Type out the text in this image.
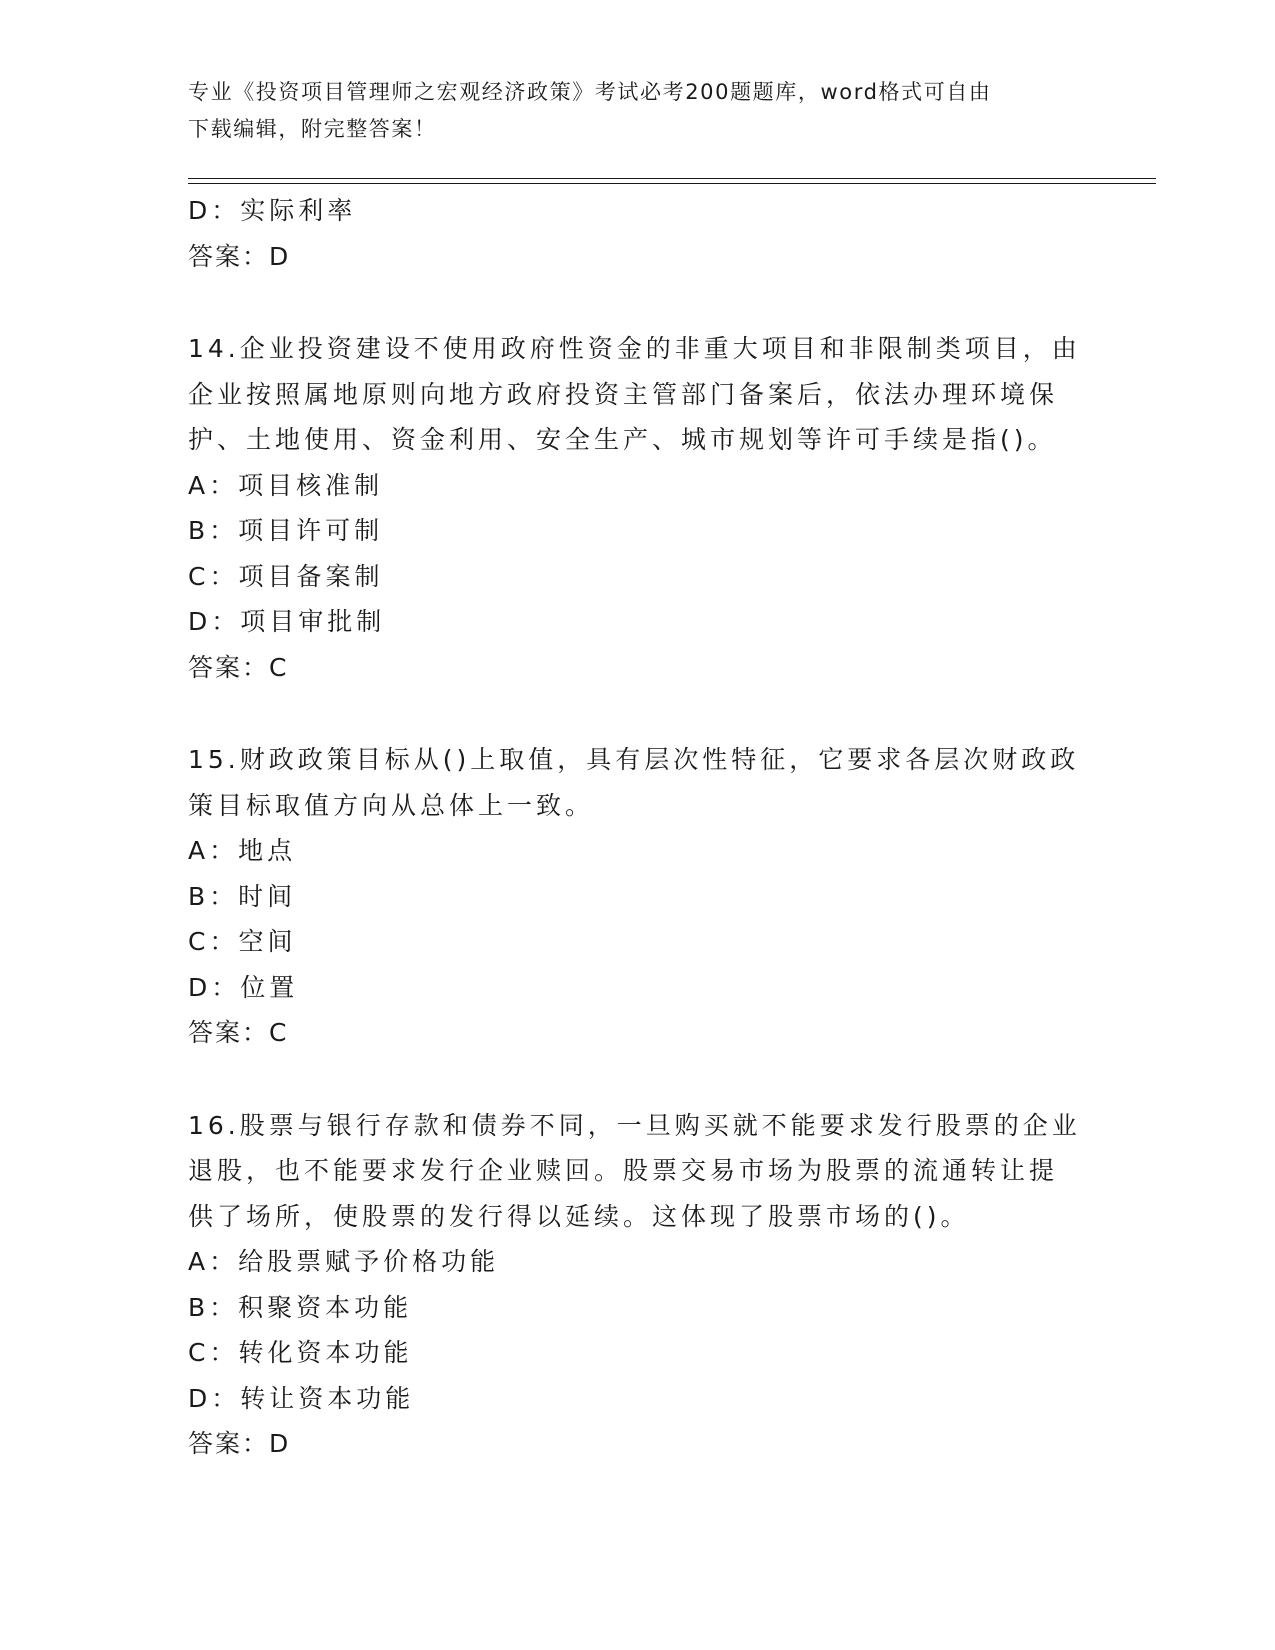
专业《投资项目管理师之宏观经济政策》考试必考200题题库，word格式可自由
下载编辑，附完整答案！
D：实际利率
答案：D
14.企业投资建设不使用政府性资金的非重大项目和非限制类项目，由
企业按照属地原则向地方政府投资主管部门备案后，依法办理环境保
护、土地使用、资金利用、安全生产、城市规划等许可手续是指()。
A：项目核准制
B：项目许可制
C：项目备案制
D：项目审批制
答案：C
15.财政政策目标从()上取值，具有层次性特征，它要求各层次财政政
策目标取值方向从总体上一致。
A：地点
B：时间
C：空间
D：位置
答案：C
16.股票与银行存款和债券不同，一旦购买就不能要求发行股票的企业
退股，也不能要求发行企业赎回。股票交易市场为股票的流通转让提
供了场所，使股票的发行得以延续。这体现了股票市场的()。
A：给股票赋予价格功能
B：积聚资本功能
C：转化资本功能
D：转让资本功能
答案：D
